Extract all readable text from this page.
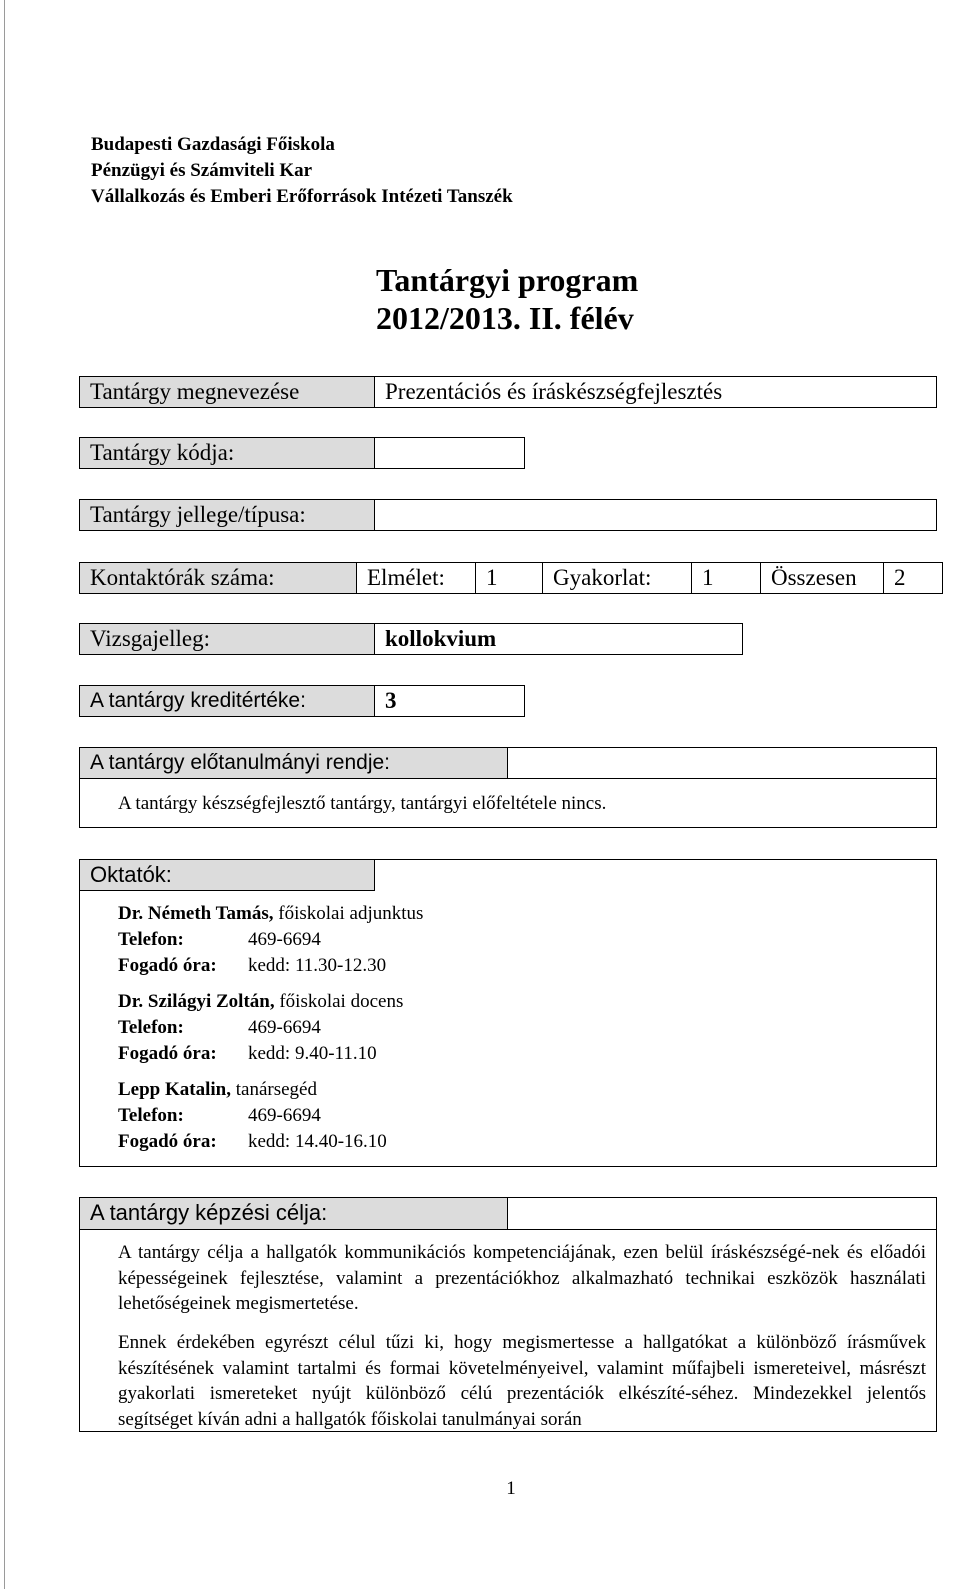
Budapesti Gazdasági Főiskola
Pénzügyi és Számviteli Kar
Vállalkozás és Emberi Erőforrások Intézeti Tanszék
Tantárgyi program
2012/2013. II. félév
Tantárgy megnevezése	Prezentációs és íráskészségfejlesztés
Tantárgy kódja:
Tantárgy jellege/típusa:
Kontaktórák száma:	Elmélet:	1	Gyakorlat:	1	Összesen	2
Vizsgajelleg:	kollokvium
A tantárgy kreditértéke:	3
A tantárgy előtanulmányi rendje:
A tantárgy készségfejlesztő tantárgy, tantárgyi előfeltétele nincs.
Oktatók:
Dr. Németh Tamás, főiskolai adjunktus
Telefon:	469-6694
Fogadó óra: kedd: 11.30-12.30
Dr. Szilágyi Zoltán, főiskolai docens
Telefon:	469-6694
Fogadó óra: kedd: 9.40-11.10
Lepp Katalin, tanársegéd
Telefon:	469-6694
Fogadó óra: kedd: 14.40-16.10
A tantárgy képzési célja:
A tantárgy célja a hallgatók kommunikációs kompetenciájának, ezen belül íráskészségé-nek és előadói képességeinek fejlesztése, valamint a prezentációkhoz alkalmazható technikai eszközök használati lehetőségeinek megismertetése.
Ennek érdekében egyrészt célul tűzi ki, hogy megismertesse a hallgatókat a különböző írásművek készítésének valamint tartalmi és formai követelményeivel, valamint műfajbeli ismereteivel, másrészt gyakorlati ismereteket nyújt különböző célú prezentációk elkészíté-séhez. Mindezekkel jelentős segítséget kíván adni a hallgatók főiskolai tanulmányai során
1
